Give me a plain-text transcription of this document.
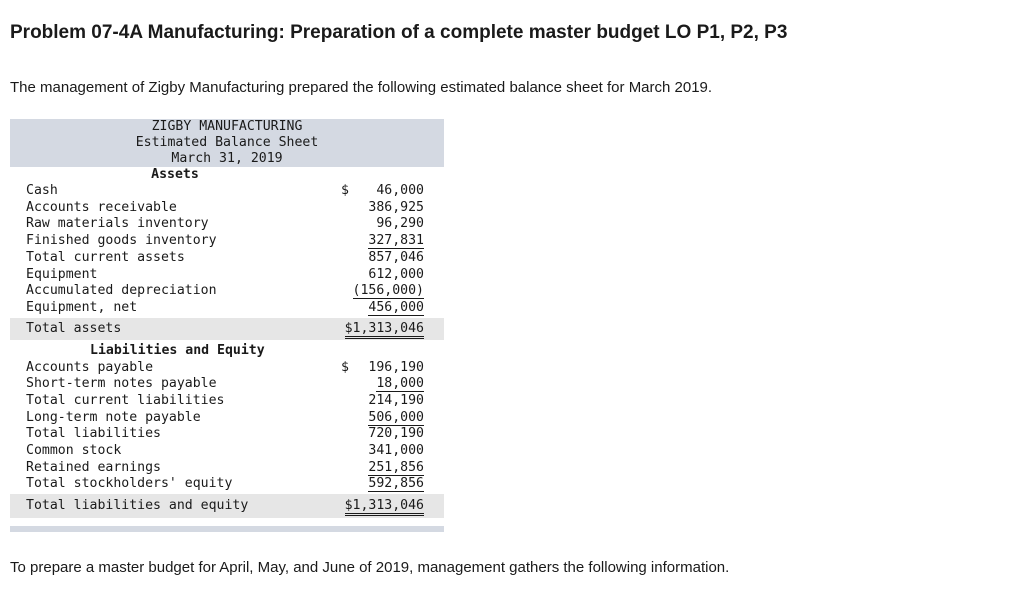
Problem 07-4A Manufacturing: Preparation of a complete master budget LO P1, P2, P3
The management of Zigby Manufacturing prepared the following estimated balance sheet for March 2019.
ZIGBY MANUFACTURING
Estimated Balance Sheet
March 31, 2019
Assets
Cash	$	46,000
Accounts receivable	386,925
Raw materials inventory	96,290
Finished goods inventory	327,831
Total current assets	857,046
Equipment	612,000
Accumulated depreciation	(156,000)
Equipment, net	456,000
Total assets	$1,313,046
Liabilities and Equity
Accounts payable	$	196,190
Short-term notes payable	18,000
Total current liabilities	214,190
Long-term note payable	506,000
Total liabilities	720,190
Common stock	341,000
Retained earnings	251,856
Total stockholders' equity	592,856
Total liabilities and equity	$1,313,046
To prepare a master budget for April, May, and June of 2019, management gathers the following information.
